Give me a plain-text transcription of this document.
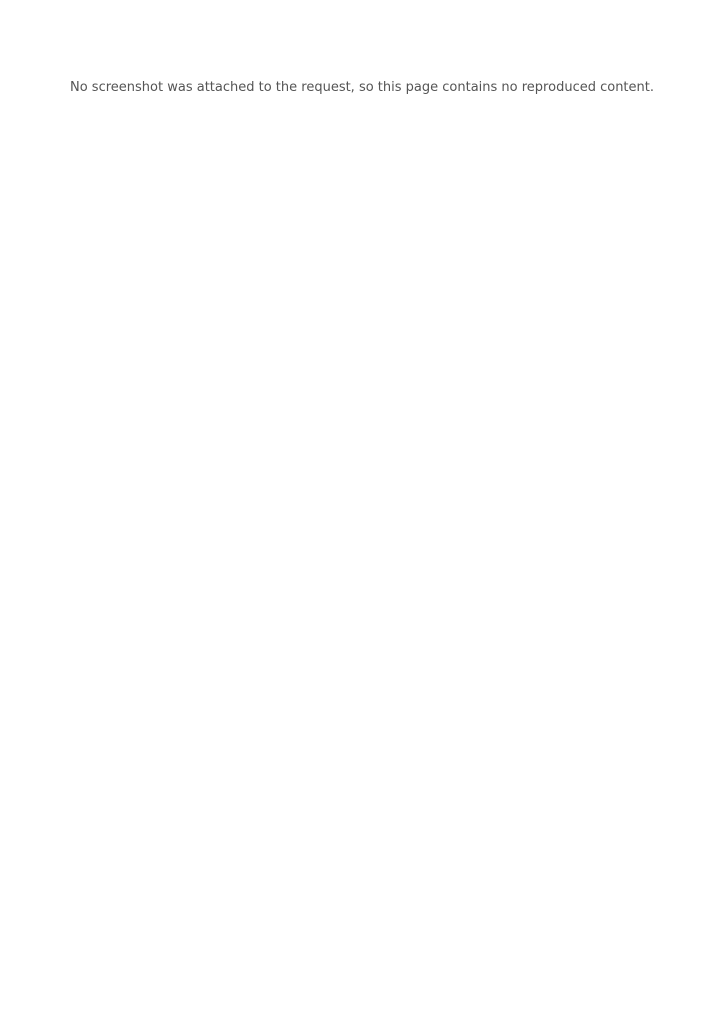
No screenshot was attached to the request, so this page contains no reproduced content.
